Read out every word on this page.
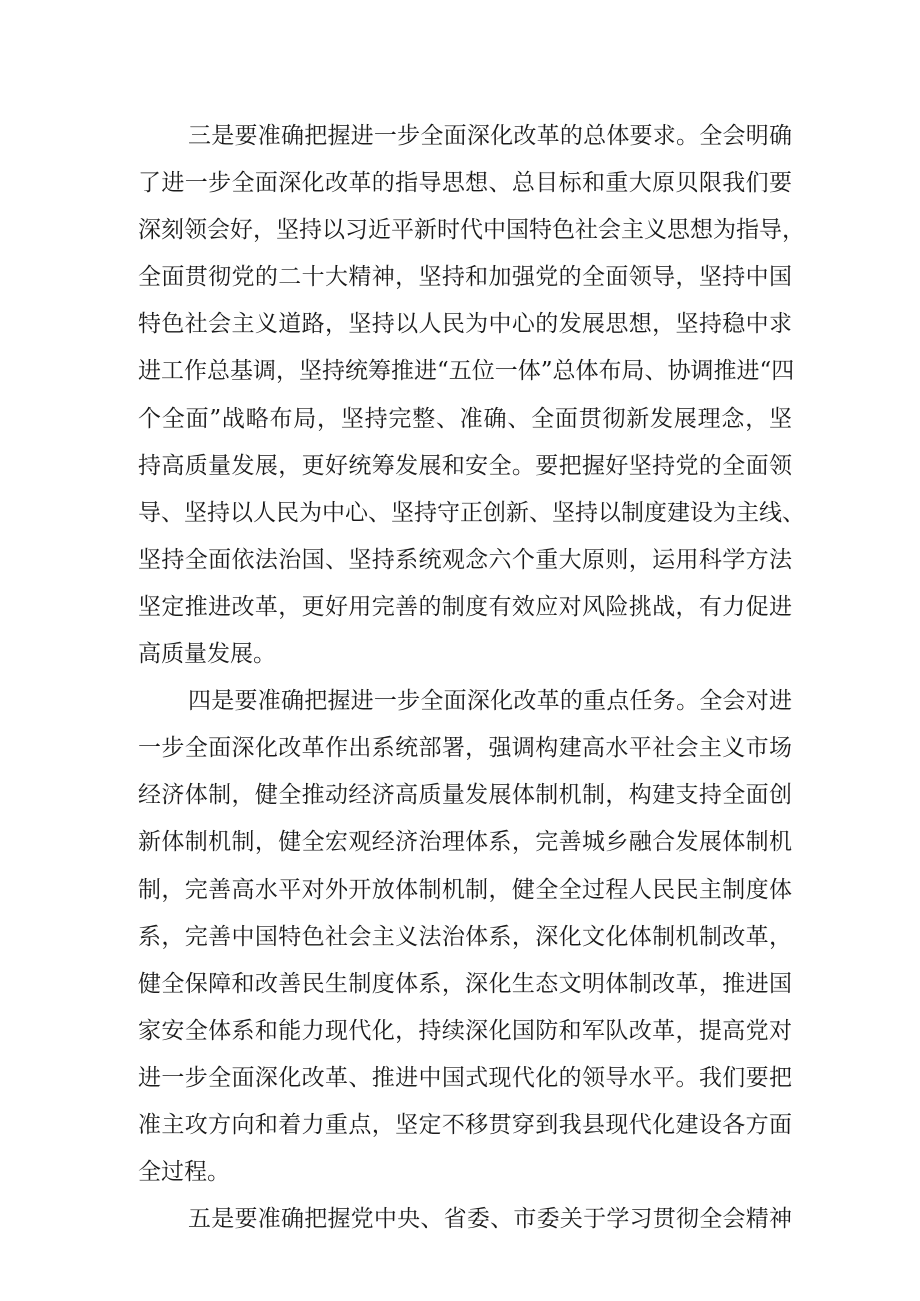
三是要准确把握进一步全面深化改革的总体要求。全会明确
了进一步全面深化改革的指导思想、总目标和重大原贝限我们要
深刻领会好，坚持以习近平新时代中国特色社会主义思想为指导，
全面贯彻党的二十大精神，坚持和加强党的全面领导，坚持中国
特色社会主义道路，坚持以人民为中心的发展思想，坚持稳中求
进工作总基调，坚持统筹推进“五位一体”总体布局、协调推进“四
个全面”战略布局，坚持完整、准确、全面贯彻新发展理念，坚
持高质量发展，更好统筹发展和安全。要把握好坚持党的全面领
导、坚持以人民为中心、坚持守正创新、坚持以制度建设为主线、
坚持全面依法治国、坚持系统观念六个重大原则，运用科学方法
坚定推进改革，更好用完善的制度有效应对风险挑战，有力促进
高质量发展。
四是要准确把握进一步全面深化改革的重点任务。全会对进
一步全面深化改革作出系统部署，强调构建高水平社会主义市场
经济体制，健全推动经济高质量发展体制机制，构建支持全面创
新体制机制，健全宏观经济治理体系，完善城乡融合发展体制机
制，完善高水平对外开放体制机制，健全全过程人民民主制度体
系，完善中国特色社会主义法治体系，深化文化体制机制改革，
健全保障和改善民生制度体系，深化生态文明体制改革，推进国
家安全体系和能力现代化，持续深化国防和军队改革，提高党对
进一步全面深化改革、推进中国式现代化的领导水平。我们要把
准主攻方向和着力重点，坚定不移贯穿到我县现代化建设各方面
全过程。
五是要准确把握党中央、省委、市委关于学习贯彻全会精神
